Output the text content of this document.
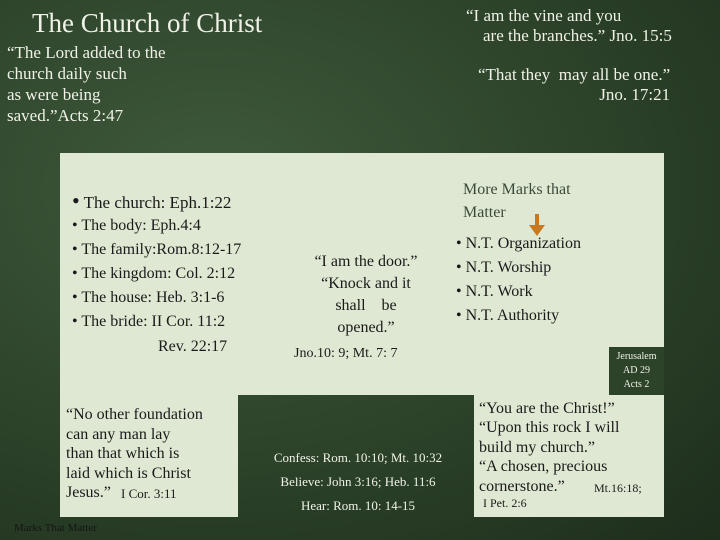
The Church of Christ
“The Lord added to the
church daily such
as were being
saved.”Acts 2:47
“I am the vine and you
are the branches.” Jno. 15:5
“That they  may all be one.”
Jno. 17:21
• The church: Eph.1:22
• The body: Eph.4:4
• The family:Rom.8:12-17
• The kingdom: Col. 2:12
• The house: Heb. 3:1-6
• The bride: II Cor. 11:2
Rev. 22:17
“I am the door.”
“Knock and it
shall    be
opened.”
Jno.10: 9; Mt. 7: 7
More Marks that
Matter
• N.T. Organization
• N.T. Worship
• N.T. Work
• N.T. Authority
Jerusalem
AD 29
Acts 2
“No other foundation
can any man lay
than that which is
laid which is Christ
Jesus.” I Cor. 3:11
Confess: Rom. 10:10; Mt. 10:32
Believe: John 3:16; Heb. 11:6
Hear: Rom. 10: 14-15
“You are the Christ!”
“Upon this rock I will
build my church.”
“A chosen, precious
cornerstone.”	Mt.16:18;
I Pet. 2:6
Marks That Matter
